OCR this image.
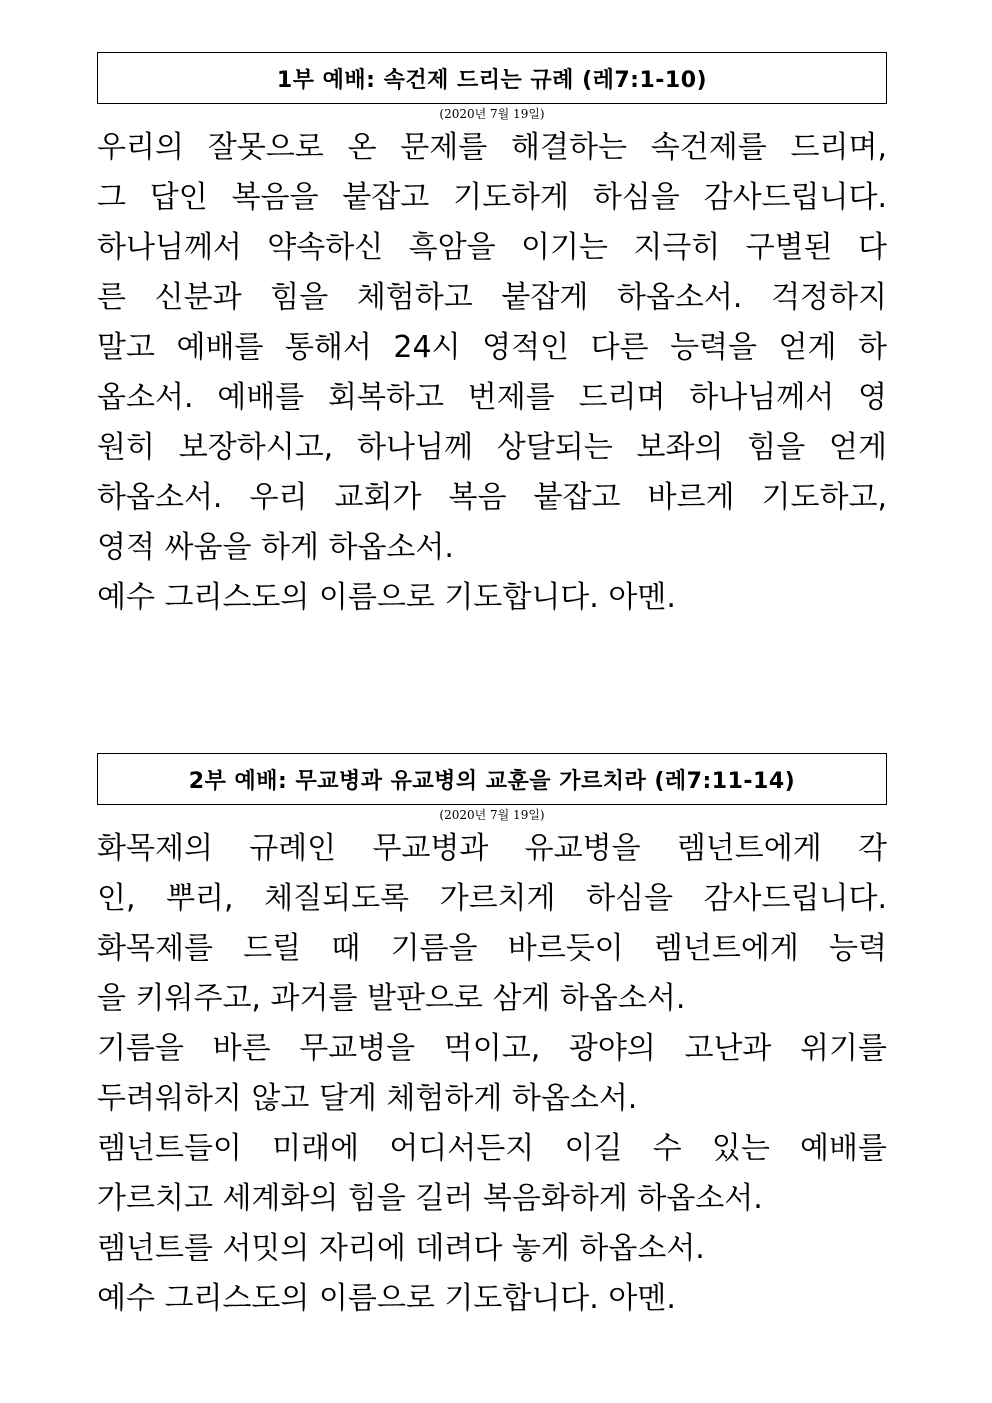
1부 예배: 속건제 드리는 규례 (레7:1-10)
(2020년 7월 19일)
우리의 잘못으로 온 문제를 해결하는 속건제를 드리며,
그 답인 복음을 붙잡고 기도하게 하심을 감사드립니다.
하나님께서 약속하신 흑암을 이기는 지극히 구별된 다
른 신분과 힘을 체험하고 붙잡게 하옵소서. 걱정하지
말고 예배를 통해서 24시 영적인 다른 능력을 얻게 하
옵소서. 예배를 회복하고 번제를 드리며 하나님께서 영
원히 보장하시고, 하나님께 상달되는 보좌의 힘을 얻게
하옵소서. 우리 교회가 복음 붙잡고 바르게 기도하고,
영적 싸움을 하게 하옵소서.
예수 그리스도의 이름으로 기도합니다. 아멘.
2부 예배: 무교병과 유교병의 교훈을 가르치라 (레7:11-14)
(2020년 7월 19일)
화목제의 규례인 무교병과 유교병을 렘넌트에게 각
인, 뿌리, 체질되도록 가르치게 하심을 감사드립니다.
화목제를 드릴 때 기름을 바르듯이 렘넌트에게 능력
을 키워주고, 과거를 발판으로 삼게 하옵소서.
기름을 바른 무교병을 먹이고, 광야의 고난과 위기를
두려워하지 않고 달게 체험하게 하옵소서.
렘넌트들이 미래에 어디서든지 이길 수 있는 예배를
가르치고 세계화의 힘을 길러 복음화하게 하옵소서.
렘넌트를 서밋의 자리에 데려다 놓게 하옵소서.
예수 그리스도의 이름으로 기도합니다. 아멘.
